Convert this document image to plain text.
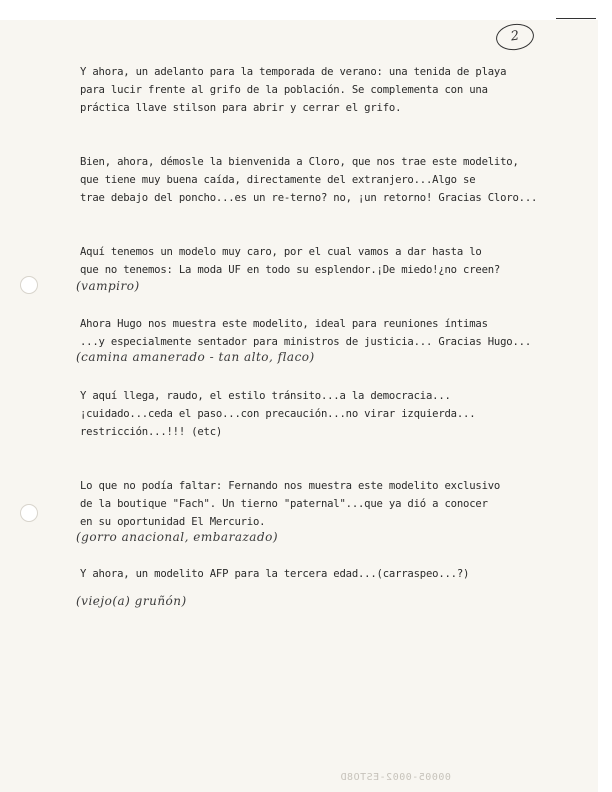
2
Y ahora, un adelanto para la temporada de verano: una tenida de playa
para lucir frente al grifo de la población. Se complementa con una
práctica llave stilson para abrir y cerrar el grifo.
Bien, ahora, démosle la bienvenida a Cloro, que nos trae este modelito,
que tiene muy buena caída, directamente del extranjero...Algo se
trae debajo del poncho...es un re-terno? no, ¡un retorno! Gracias Cloro...
Aquí tenemos un modelo muy caro, por el cual vamos a dar hasta lo
que no tenemos: La moda UF en todo su esplendor.¡De miedo!¿no creen?
(vampiro)
Ahora Hugo nos muestra este modelito, ideal para reuniones íntimas
...y especialmente sentador para ministros de justicia... Gracias Hugo...
(camina amanerado - tan alto, flaco)
Y aquí llega, raudo, el estilo tránsito...a la democracia...
¡cuidado...ceda el paso...con precaución...no virar izquierda...
restricción...!!! (etc)
Lo que no podía faltar: Fernando nos muestra este modelito exclusivo
de la boutique "Fach". Un tierno "paternal"...que ya dió a conocer
en su oportunidad El Mercurio.
(gorro anacional, embarazado)
Y ahora, un modelito AFP para la tercera edad...(carraspeo...?)
(viejo(a) gruñón)
00005-0002-ESTO8D
